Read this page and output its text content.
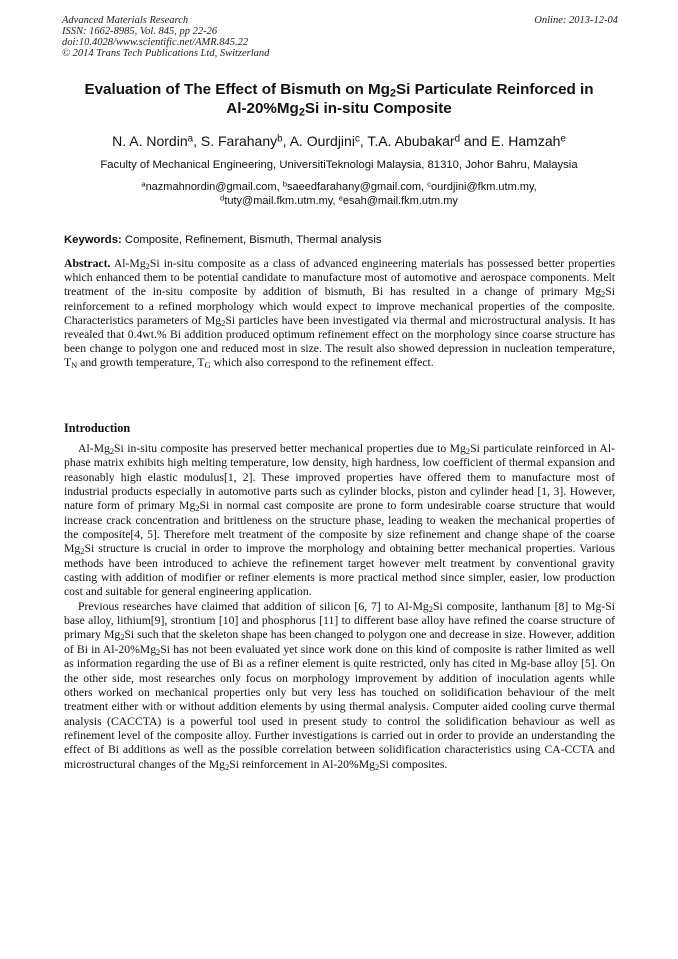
Advanced Materials Research
ISSN: 1662-8985, Vol. 845, pp 22-26
doi:10.4028/www.scientific.net/AMR.845.22
© 2014 Trans Tech Publications Ltd, Switzerland
Online: 2013-12-04
Evaluation of The Effect of Bismuth on $Mg_2Si$ Particulate Reinforced in
$Al-20\%Mg_2Si$ in-situ Composite
N. A. Nordin$^a$, S. Farahany$^b$, A. Ourdjini$^c$, T.A. Abubakar$^d$ and E. Hamzah$^e$
Faculty of Mechanical Engineering, UniversitiTeknologi Malaysia, 81310, Johor Bahru, Malaysia
$^a$nazmahnordin@gmail.com, $^b$saeedfarahany@gmail.com, $^c$ourdjini@fkm.utm.my,
$^d$tuty@mail.fkm.utm.my, $^e$esah@mail.fkm.utm.my
Keywords: Composite, Refinement, Bismuth, Thermal analysis
Abstract. $Al-Mg_2Si$ in-situ composite as a class of advanced engineering materials has possessed better properties which enhanced them to be potential candidate to manufacture most of automotive and aerospace components. Melt treatment of the in-situ composite by addition of bismuth, Bi has resulted in a change of primary $Mg_2Si$ reinforcement to a refined morphology which would expect to improve mechanical properties of the composite. Characteristics parameters of $Mg_2Si$ particles have been investigated via thermal and microstructural analysis. It has revealed that 0.4wt.% Bi addition produced optimum refinement effect on the morphology since coarse structure has been change to polygon one and reduced most in size. The result also showed depression in nucleation temperature, $T_N$ and growth temperature, $T_G$ which also correspond to the refinement effect.
Introduction

$Al-Mg_2Si$ in-situ composite has preserved better mechanical properties due to $Mg_2Si$ particulate reinforced in Al-phase matrix exhibits high melting temperature, low density, high hardness, low coefficient of thermal expansion and reasonably high elastic modulus[1, 2]. These improved properties have offered them to manufacture most of industrial products especially in automotive parts such as cylinder blocks, piston and cylinder head [1, 3]. However, nature form of primary $Mg_2Si$ in normal cast composite are prone to form undesirable coarse structure that would increase crack concentration and brittleness on the structure phase, leading to weaken the mechanical properties of the composite[4, 5]. Therefore melt treatment of the composite by size refinement and change shape of the coarse $Mg_2Si$ structure is crucial in order to improve the morphology and obtaining better mechanical properties. Various methods have been introduced to achieve the refinement target however melt treatment by conventional gravity casting with addition of modifier or refiner elements is more practical method since simpler, easier, low production cost and suitable for general engineering application.

Previous researches have claimed that addition of silicon [6, 7] to $Al-Mg_2Si$ composite, lanthanum [8] to Mg-Si base alloy, lithium[9], strontium [10] and phosphorus [11] to different base alloy have refined the coarse structure of primary $Mg_2Si$ such that the skeleton shape has been changed to polygon one and decrease in size. However, addition of Bi in $Al-20\%Mg_2Si$ has not been evaluated yet since work done on this kind of composite is rather limited as well as information regarding the use of Bi as a refiner element is quite restricted, only has cited in Mg-base alloy [5]. On the other side, most researches only focus on morphology improvement by addition of inoculation agents while others worked on mechanical properties only but very less has touched on solidification behaviour of the melt treatment either with or without addition elements by using thermal analysis. Computer aided cooling curve thermal analysis (CACCTA) is a powerful tool used in present study to control the solidification behaviour as well as refinement level of the composite alloy. Further investigations is carried out in order to provide an understanding the effect of Bi additions as well as the possible correlation between solidification characteristics using CA-CCTA and microstructural changes of the $Mg_2Si$ reinforcement in $Al-20\%Mg_2Si$ composites.
